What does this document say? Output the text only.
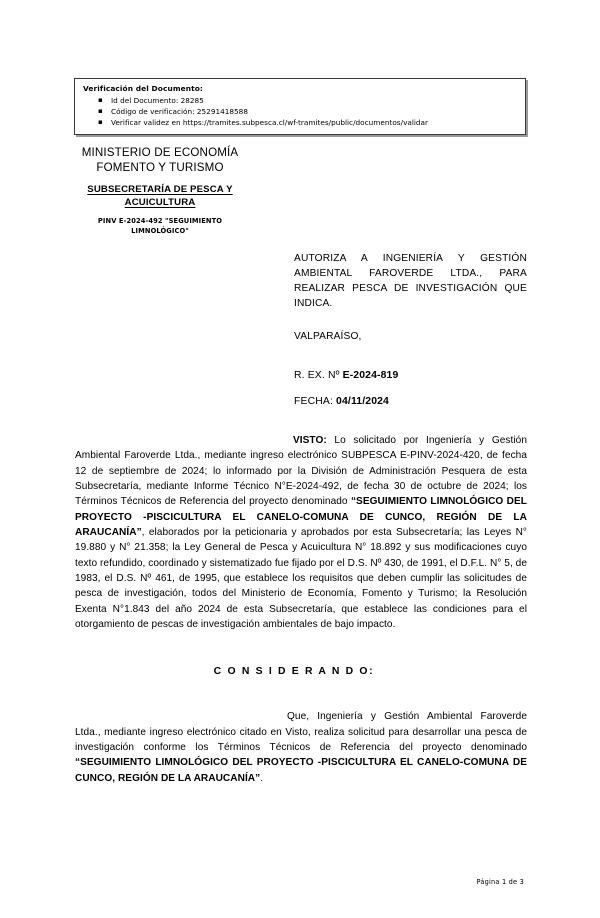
Verificación del Documento:
▪ Id del Documento: 28285
▪ Código de verificación: 25291418588
▪ Verificar validez en https://tramites.subpesca.cl/wf-tramites/public/documentos/validar
MINISTERIO DE ECONOMÍA
FOMENTO Y TURISMO
SUBSECRETARÍA DE PESCA Y
ACUICULTURA
PINV E-2024-492 "SEGUIMIENTO
LIMNOLÓGICO"
AUTORIZA A INGENIERÍA Y GESTIÓN AMBIENTAL FAROVERDE LTDA., PARA REALIZAR PESCA DE INVESTIGACIÓN QUE INDICA.
VALPARAÍSO,
R. EX. Nº E-2024-819
FECHA: 04/11/2024

VISTO: Lo solicitado por Ingeniería y Gestión Ambiental Faroverde Ltda., mediante ingreso electrónico SUBPESCA E-PINV-2024-420, de fecha 12 de septiembre de 2024; lo informado por la División de Administración Pesquera de esta Subsecretaría, mediante Informe Técnico N°E-2024-492, de fecha 30 de octubre de 2024; los Términos Técnicos de Referencia del proyecto denominado “SEGUIMIENTO LIMNOLÓGICO DEL PROYECTO -PISCICULTURA EL CANELO-COMUNA DE CUNCO, REGIÓN DE LA ARAUCANÍA”, elaborados por la peticionaria y aprobados por esta Subsecretaría; las Leyes N° 19.880 y N° 21.358; la Ley General de Pesca y Acuicultura N° 18.892 y sus modificaciones cuyo texto refundido, coordinado y sistematizado fue fijado por el D.S. Nº 430, de 1991, el D.F.L. N° 5, de 1983, el D.S. Nº 461, de 1995, que establece los requisitos que deben cumplir las solicitudes de pesca de investigación, todos del Ministerio de Economía, Fomento y Turismo; la Resolución Exenta N°1.843 del año 2024 de esta Subsecretaría, que establece las condiciones para el otorgamiento de pescas de investigación ambientales de bajo impacto.

C O N S I D E R A N D O:

Que, Ingeniería y Gestión Ambiental Faroverde Ltda., mediante ingreso electrónico citado en Visto, realiza solicitud para desarrollar una pesca de investigación conforme los Términos Técnicos de Referencia del proyecto denominado “SEGUIMIENTO LIMNOLÓGICO DEL PROYECTO -PISCICULTURA EL CANELO-COMUNA DE CUNCO, REGIÓN DE LA ARAUCANÍA”.

Página 1 de 3
